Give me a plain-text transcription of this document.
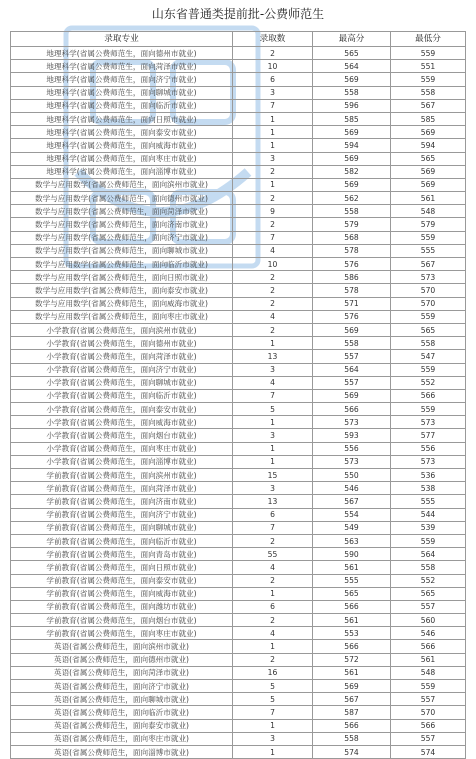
山东省普通类提前批-公费师范生
录取专业	录取数	最高分	最低分
地理科学(省属公费师范生，面向德州市就业)	2	565	559
地理科学(省属公费师范生，面向菏泽市就业)	10	564	551
地理科学(省属公费师范生，面向济宁市就业)	6	569	559
地理科学(省属公费师范生，面向聊城市就业)	3	558	558
地理科学(省属公费师范生，面向临沂市就业)	7	596	567
地理科学(省属公费师范生，面向日照市就业)	1	585	585
地理科学(省属公费师范生，面向泰安市就业)	1	569	569
地理科学(省属公费师范生，面向威海市就业)	1	594	594
地理科学(省属公费师范生，面向枣庄市就业)	3	569	565
地理科学(省属公费师范生，面向淄博市就业)	2	582	569
数学与应用数学(省属公费师范生，面向滨州市就业)	1	569	569
数学与应用数学(省属公费师范生，面向德州市就业)	2	562	561
数学与应用数学(省属公费师范生，面向菏泽市就业)	9	558	548
数学与应用数学(省属公费师范生，面向济南市就业)	2	579	579
数学与应用数学(省属公费师范生，面向济宁市就业)	7	568	559
数学与应用数学(省属公费师范生，面向聊城市就业)	4	578	555
数学与应用数学(省属公费师范生，面向临沂市就业)	10	576	567
数学与应用数学(省属公费师范生，面向日照市就业)	2	586	573
数学与应用数学(省属公费师范生，面向泰安市就业)	2	578	570
数学与应用数学(省属公费师范生，面向威海市就业)	2	571	570
数学与应用数学(省属公费师范生，面向枣庄市就业)	4	576	559
小学教育(省属公费师范生，面向滨州市就业)	2	569	565
小学教育(省属公费师范生，面向德州市就业)	1	558	558
小学教育(省属公费师范生，面向菏泽市就业)	13	557	547
小学教育(省属公费师范生，面向济宁市就业)	3	564	559
小学教育(省属公费师范生，面向聊城市就业)	4	557	552
小学教育(省属公费师范生，面向临沂市就业)	7	569	566
小学教育(省属公费师范生，面向泰安市就业)	5	566	559
小学教育(省属公费师范生，面向威海市就业)	1	573	573
小学教育(省属公费师范生，面向烟台市就业)	3	593	577
小学教育(省属公费师范生，面向枣庄市就业)	1	556	556
小学教育(省属公费师范生，面向淄博市就业)	1	573	573
学前教育(省属公费师范生，面向滨州市就业)	15	550	536
学前教育(省属公费师范生，面向菏泽市就业)	3	546	538
学前教育(省属公费师范生，面向济南市就业)	13	567	555
学前教育(省属公费师范生，面向济宁市就业)	6	554	544
学前教育(省属公费师范生，面向聊城市就业)	7	549	539
学前教育(省属公费师范生，面向临沂市就业)	2	563	559
学前教育(省属公费师范生，面向青岛市就业)	55	590	564
学前教育(省属公费师范生，面向日照市就业)	4	561	558
学前教育(省属公费师范生，面向泰安市就业)	2	555	552
学前教育(省属公费师范生，面向威海市就业)	1	565	565
学前教育(省属公费师范生，面向潍坊市就业)	6	566	557
学前教育(省属公费师范生，面向烟台市就业)	2	561	560
学前教育(省属公费师范生，面向枣庄市就业)	4	553	546
英语(省属公费师范生，面向滨州市就业)	1	566	566
英语(省属公费师范生，面向德州市就业)	2	572	561
英语(省属公费师范生，面向菏泽市就业)	16	561	548
英语(省属公费师范生，面向济宁市就业)	5	569	559
英语(省属公费师范生，面向聊城市就业)	5	567	557
英语(省属公费师范生，面向临沂市就业)	7	587	570
英语(省属公费师范生，面向泰安市就业)	1	566	566
英语(省属公费师范生，面向枣庄市就业)	3	558	557
英语(省属公费师范生，面向淄博市就业)	1	574	574
